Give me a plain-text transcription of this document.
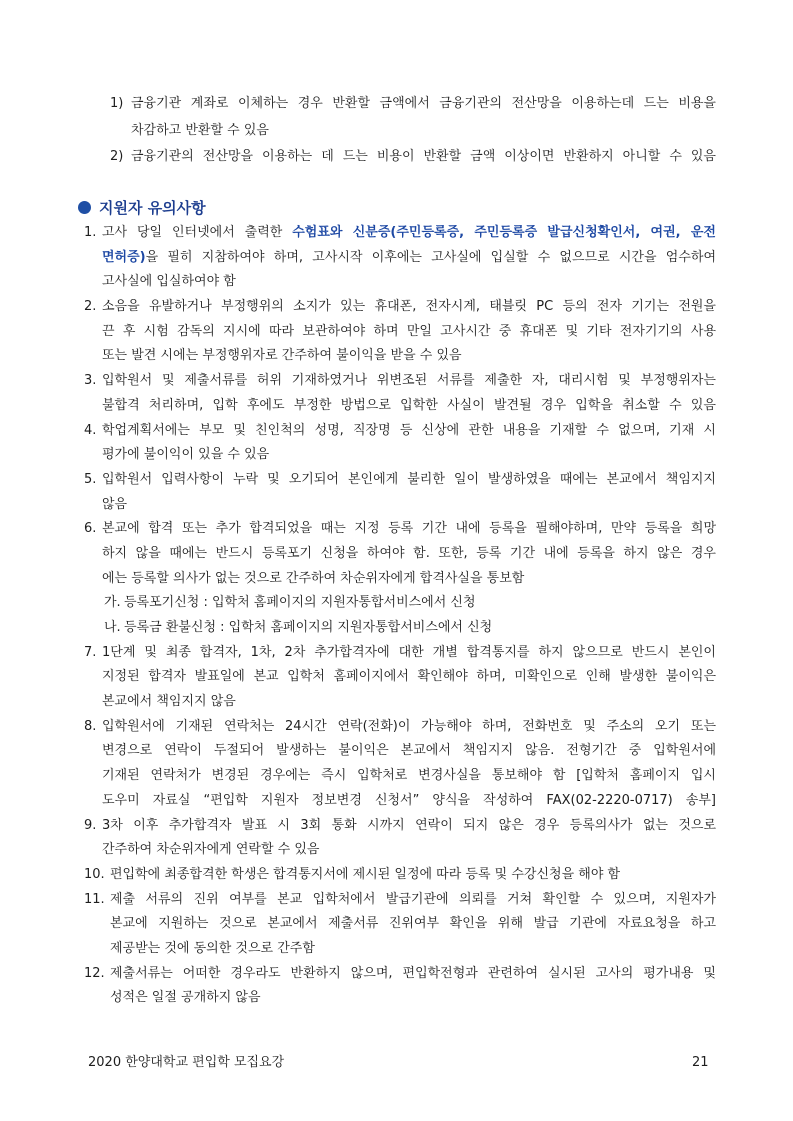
1) 금융기관 계좌로 이체하는 경우 반환할 금액에서 금융기관의 전산망을 이용하는데 드는 비용을
차감하고 반환할 수 있음
2) 금융기관의 전산망을 이용하는 데 드는 비용이 반환할 금액 이상이면 반환하지 아니할 수 있음
지원자 유의사항
1. 고사 당일 인터넷에서 출력한 수험표와 신분증(주민등록증, 주민등록증 발급신청확인서, 여권, 운전
면허증)을 필히 지참하여야 하며, 고사시작 이후에는 고사실에 입실할 수 없으므로 시간을 엄수하여
고사실에 입실하여야 함
2. 소음을 유발하거나 부정행위의 소지가 있는 휴대폰, 전자시계, 태블릿 PC 등의 전자 기기는 전원을
끈 후 시험 감독의 지시에 따라 보관하여야 하며 만일 고사시간 중 휴대폰 및 기타 전자기기의 사용
또는 발견 시에는 부정행위자로 간주하여 불이익을 받을 수 있음
3. 입학원서 및 제출서류를 허위 기재하였거나 위변조된 서류를 제출한 자, 대리시험 및 부정행위자는
불합격 처리하며, 입학 후에도 부정한 방법으로 입학한 사실이 발견될 경우 입학을 취소할 수 있음
4. 학업계획서에는 부모 및 친인척의 성명, 직장명 등 신상에 관한 내용을 기재할 수 없으며, 기재 시
평가에 불이익이 있을 수 있음
5. 입학원서 입력사항이 누락 및 오기되어 본인에게 불리한 일이 발생하였을 때에는 본교에서 책임지지
않음
6. 본교에 합격 또는 추가 합격되었을 때는 지정 등록 기간 내에 등록을 필해야하며, 만약 등록을 희망
하지 않을 때에는 반드시 등록포기 신청을 하여야 함. 또한, 등록 기간 내에 등록을 하지 않은 경우
에는 등록할 의사가 없는 것으로 간주하여 차순위자에게 합격사실을 통보함
가. 등록포기신청 : 입학처 홈페이지의 지원자통합서비스에서 신청
나. 등록금 환불신청 : 입학처 홈페이지의 지원자통합서비스에서 신청
7. 1단계 및 최종 합격자, 1차, 2차 추가합격자에 대한 개별 합격통지를 하지 않으므로 반드시 본인이
지정된 합격자 발표일에 본교 입학처 홈페이지에서 확인해야 하며, 미확인으로 인해 발생한 불이익은
본교에서 책임지지 않음
8. 입학원서에 기재된 연락처는 24시간 연락(전화)이 가능해야 하며, 전화번호 및 주소의 오기 또는
변경으로 연락이 두절되어 발생하는 불이익은 본교에서 책임지지 않음. 전형기간 중 입학원서에
기재된 연락처가 변경된 경우에는 즉시 입학처로 변경사실을 통보해야 함 [입학처 홈페이지 입시
도우미 자료실 “편입학 지원자 정보변경 신청서” 양식을 작성하여 FAX(02-2220-0717) 송부]
9. 3차 이후 추가합격자 발표 시 3회 통화 시까지 연락이 되지 않은 경우 등록의사가 없는 것으로
간주하여 차순위자에게 연락할 수 있음
10. 편입학에 최종합격한 학생은 합격통지서에 제시된 일정에 따라 등록 및 수강신청을 해야 함
11. 제출 서류의 진위 여부를 본교 입학처에서 발급기관에 의뢰를 거쳐 확인할 수 있으며, 지원자가
본교에 지원하는 것으로 본교에서 제출서류 진위여부 확인을 위해 발급 기관에 자료요청을 하고
제공받는 것에 동의한 것으로 간주함
12. 제출서류는 어떠한 경우라도 반환하지 않으며, 편입학전형과 관련하여 실시된 고사의 평가내용 및
성적은 일절 공개하지 않음
2020 한양대학교 편입학 모집요강	21
